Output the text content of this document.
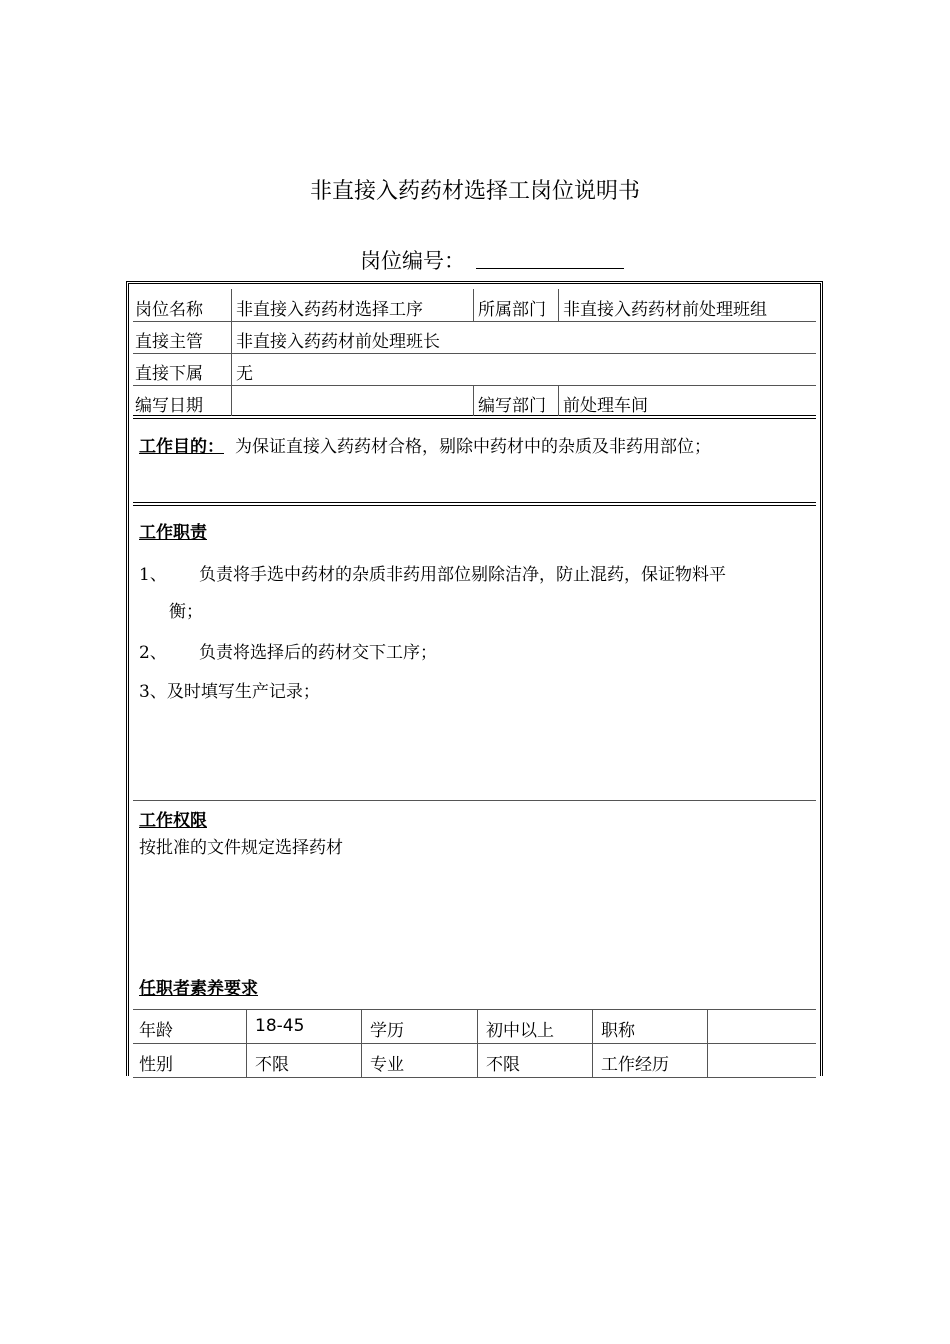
非直接入药药材选择工岗位说明书
岗位编号：
岗位名称 非直接入药药材选择工序	所属部门 非直接入药药材前处理班组
直接主管 非直接入药药材前处理班长
直接下属 无
编写日期	编写部门 前处理车间
工作目的： 为保证直接入药药材合格，剔除中药材中的杂质及非药用部位；
工作职责
1、 负责将手选中药材的杂质非药用部位剔除洁净，防止混药，保证物料平
衡；
2、 负责将选择后的药材交下工序；
3、及时填写生产记录；
工作权限
按批准的文件规定选择药材
任职者素养要求
年龄	18-45	学历	初中以上	职称
性别	不限	专业	不限	工作经历
